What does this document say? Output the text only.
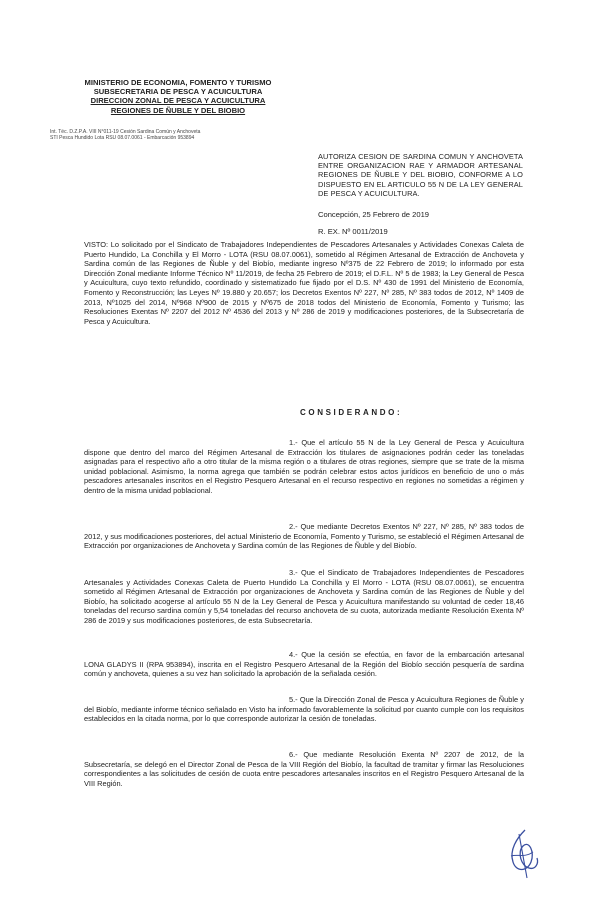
MINISTERIO DE ECONOMIA, FOMENTO Y TURISMO
SUBSECRETARIA DE PESCA Y ACUICULTURA
DIRECCION ZONAL DE PESCA Y ACUICULTURA
REGIONES DE ÑUBLE Y DEL BIOBIO
Int. Téc. D.Z.P.A. VIII N°011-19 Cesión Sardina Común y Anchoveta
STI Pesca Hundido Lota RSU 08.07.0061 - Embarcación 953894
AUTORIZA CESION DE SARDINA COMUN Y ANCHOVETA ENTRE ORGANIZACION RAE Y ARMADOR ARTESANAL REGIONES DE ÑUBLE Y DEL BIOBIO, CONFORME A LO DISPUESTO EN EL ARTICULO 55 N DE LA LEY GENERAL DE PESCA Y ACUICULTURA.
Concepción, 25 Febrero de 2019
R. EX. Nº 0011/2019
VISTO: Lo solicitado por el Sindicato de Trabajadores Independientes de Pescadores Artesanales y Actividades Conexas Caleta de Puerto Hundido, La Conchilla y El Morro - LOTA (RSU 08.07.0061), sometido al Régimen Artesanal de Extracción de Anchoveta y Sardina común de las Regiones de Ñuble y del Biobío, mediante ingreso Nº375 de 22 Febrero de 2019; lo informado por esta Dirección Zonal mediante Informe Técnico Nº 11/2019, de fecha 25 Febrero de 2019; el D.F.L. Nº 5 de 1983; la Ley General de Pesca y Acuicultura, cuyo texto refundido, coordinado y sistematizado fue fijado por el D.S. Nº 430 de 1991 del Ministerio de Economía, Fomento y Reconstrucción; las Leyes Nº 19.880 y 20.657; los Decretos Exentos Nº 227, Nº 285, Nº 383 todos de 2012, Nº 1409 de 2013, Nº1025 del 2014, Nº968 Nº900 de 2015 y Nº675 de 2018 todos del Ministerio de Economía, Fomento y Turismo; las Resoluciones Exentas Nº 2207 del 2012 Nº 4536 del 2013 y Nº 286 de 2019 y modificaciones posteriores, de la Subsecretaría de Pesca y Acuicultura.
CONSIDERANDO:
1.- Que el artículo 55 N de la Ley General de Pesca y Acuicultura dispone que dentro del marco del Régimen Artesanal de Extracción los titulares de asignaciones podrán ceder las toneladas asignadas para el respectivo año a otro titular de la misma región o a titulares de otras regiones, siempre que se trate de la misma unidad poblacional. Asimismo, la norma agrega que también se podrán celebrar estos actos jurídicos en beneficio de uno o más pescadores artesanales inscritos en el Registro Pesquero Artesanal en el recurso respectivo en regiones no sometidas a régimen y dentro de la misma unidad poblacional.
2.- Que mediante Decretos Exentos Nº 227, Nº 285, Nº 383 todos de 2012, y sus modificaciones posteriores, del actual Ministerio de Economía, Fomento y Turismo, se estableció el Régimen Artesanal de Extracción por organizaciones de Anchoveta y Sardina común de las Regiones de Ñuble y del Biobío.
3.- Que el Sindicato de Trabajadores Independientes de Pescadores Artesanales y Actividades Conexas Caleta de Puerto Hundido La Conchilla y El Morro - LOTA (RSU 08.07.0061), se encuentra sometido al Régimen Artesanal de Extracción por organizaciones de Anchoveta y Sardina común de las Regiones de Ñuble y del Biobío, ha solicitado acogerse al artículo 55 N de la Ley General de Pesca y Acuicultura manifestando su voluntad de ceder 18,46 toneladas del recurso sardina común y 5,54 toneladas del recurso anchoveta de su cuota, autorizada mediante Resolución Exenta Nº 286 de 2019 y sus modificaciones posteriores, de esta Subsecretaría.
4.- Que la cesión se efectúa, en favor de la embarcación artesanal LONA GLADYS II (RPA 953894), inscrita en el Registro Pesquero Artesanal de la Región del Biobío sección pesquería de sardina común y anchoveta, quienes a su vez han solicitado la aprobación de la señalada cesión.
5.- Que la Dirección Zonal de Pesca y Acuicultura Regiones de Ñuble y del Biobío, mediante informe técnico señalado en Visto ha informado favorablemente la solicitud por cuanto cumple con los requisitos establecidos en la citada norma, por lo que corresponde autorizar la cesión de toneladas.
6.- Que mediante Resolución Exenta Nº 2207 de 2012, de la Subsecretaría, se delegó en el Director Zonal de Pesca de la VIII Región del Biobío, la facultad de tramitar y firmar las Resoluciones correspondientes a las solicitudes de cesión de cuota entre pescadores artesanales inscritos en el Registro Pesquero Artesanal de la VIII Región.
